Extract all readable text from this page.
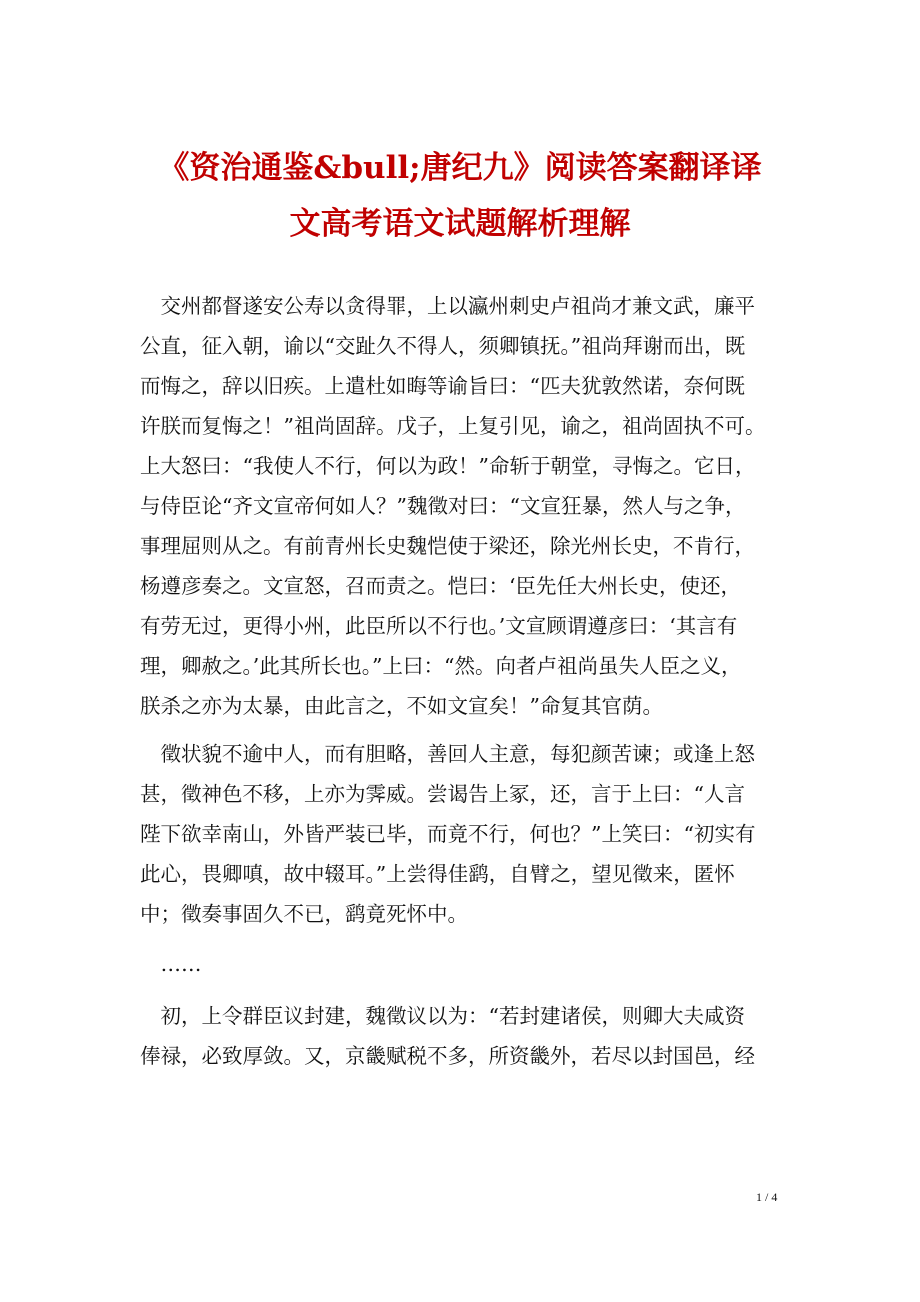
《资治通鉴&bull;唐纪九》阅读答案翻译译
文高考语文试题解析理解
　交州都督遂安公寿以贪得罪，上以瀛州刺史卢祖尚才兼文武，廉平
公直，征入朝，谕以“交趾久不得人，须卿镇抚。”祖尚拜谢而出，既
而悔之，辞以旧疾。上遣杜如晦等谕旨曰：“匹夫犹敦然诺，奈何既
许朕而复悔之！”祖尚固辞。戊子，上复引见，谕之，祖尚固执不可。
上大怒曰：“我使人不行，何以为政！”命斩于朝堂，寻悔之。它日，
与侍臣论“齐文宣帝何如人？”魏徵对曰：“文宣狂暴，然人与之争，
事理屈则从之。有前青州长史魏恺使于梁还，除光州长史，不肯行，
杨遵彦奏之。文宣怒，召而责之。恺曰：‘臣先任大州长史，使还，
有劳无过，更得小州，此臣所以不行也。’文宣顾谓遵彦曰：‘其言有
理，卿赦之。’此其所长也。”上曰：“然。向者卢祖尚虽失人臣之义，
朕杀之亦为太暴，由此言之，不如文宣矣！”命复其官荫。
　徵状貌不逾中人，而有胆略，善回人主意，每犯颜苦谏；或逢上怒
甚，徵神色不移，上亦为霁威。尝谒告上冢，还，言于上曰：“人言
陛下欲幸南山，外皆严装已毕，而竟不行，何也？”上笑曰：“初实有
此心，畏卿嗔，故中辍耳。”上尝得佳鹞，自臂之，望见徵来，匿怀
中；徵奏事固久不已，鹞竟死怀中。
　……
　初，上令群臣议封建，魏徵议以为：“若封建诸侯，则卿大夫咸资
俸禄，必致厚敛。又，京畿赋税不多，所资畿外，若尽以封国邑，经
1 / 4
